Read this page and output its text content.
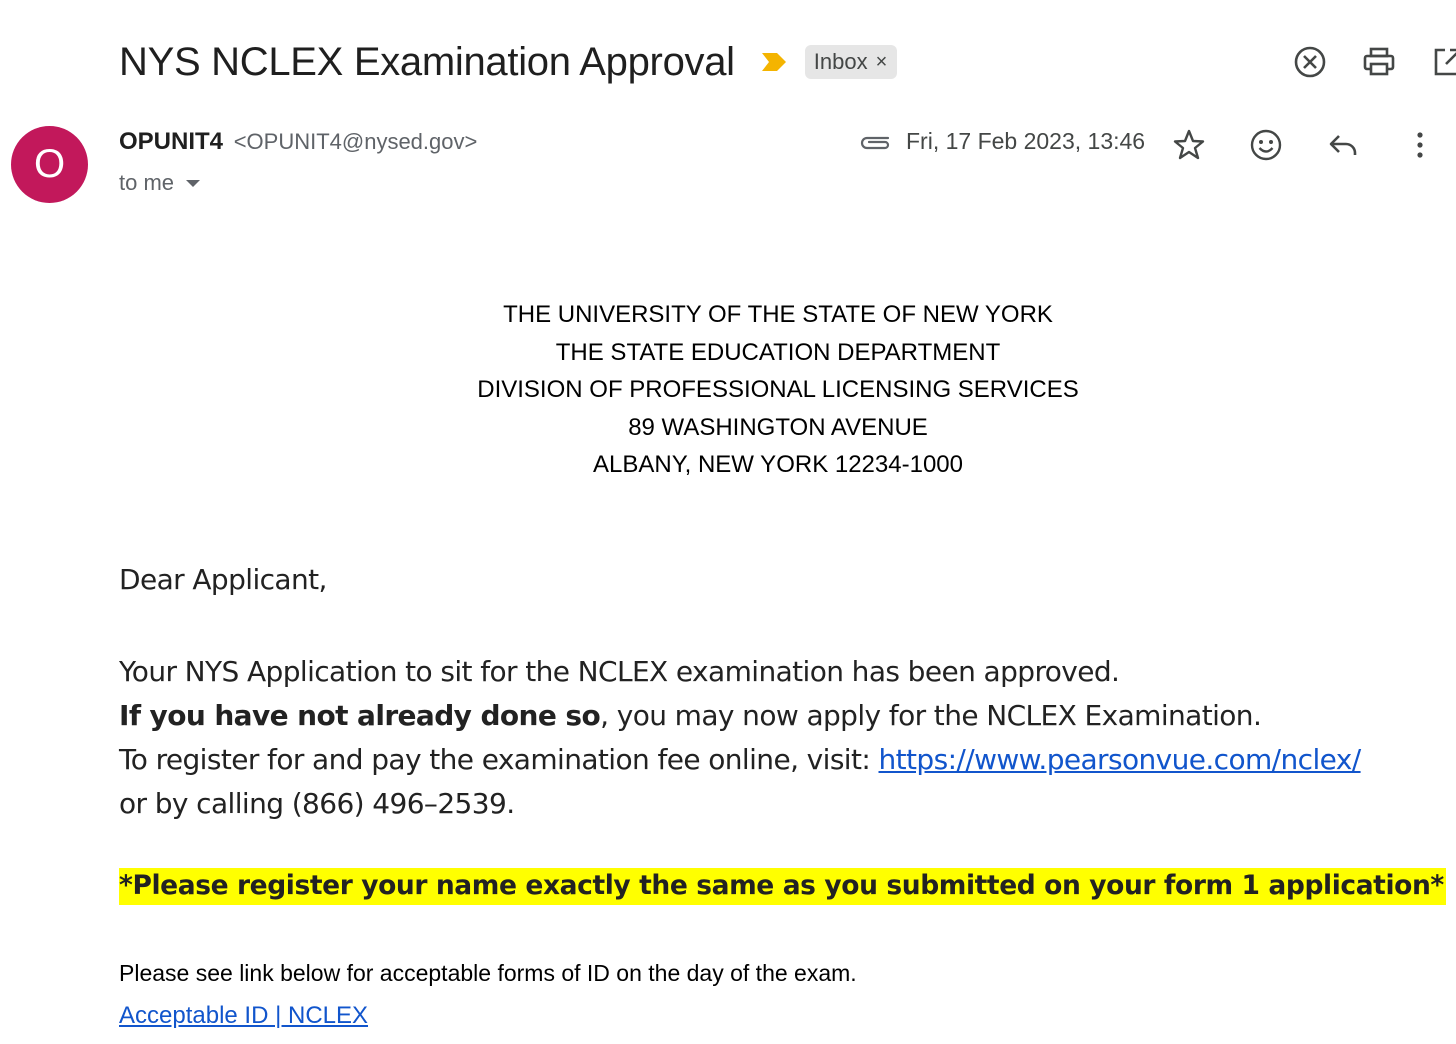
NYS NCLEX Examination Approval	Inbox ×
O
OPUNIT4 <OPUNIT4@nysed.gov>
to me
Fri, 17 Feb 2023, 13:46
THE UNIVERSITY OF THE STATE OF NEW YORK
THE STATE EDUCATION DEPARTMENT
DIVISION OF PROFESSIONAL LICENSING SERVICES
89 WASHINGTON AVENUE
ALBANY, NEW YORK 12234-1000
Dear Applicant,
Your NYS Application to sit for the NCLEX examination has been approved.
If you have not already done so, you may now apply for the NCLEX Examination.
To register for and pay the examination fee online, visit: https://www.pearsonvue.com/nclex/
or by calling (866) 496–2539.
*Please register your name exactly the same as you submitted on your form 1 application*
Please see link below for acceptable forms of ID on the day of the exam.
Acceptable ID | NCLEX
